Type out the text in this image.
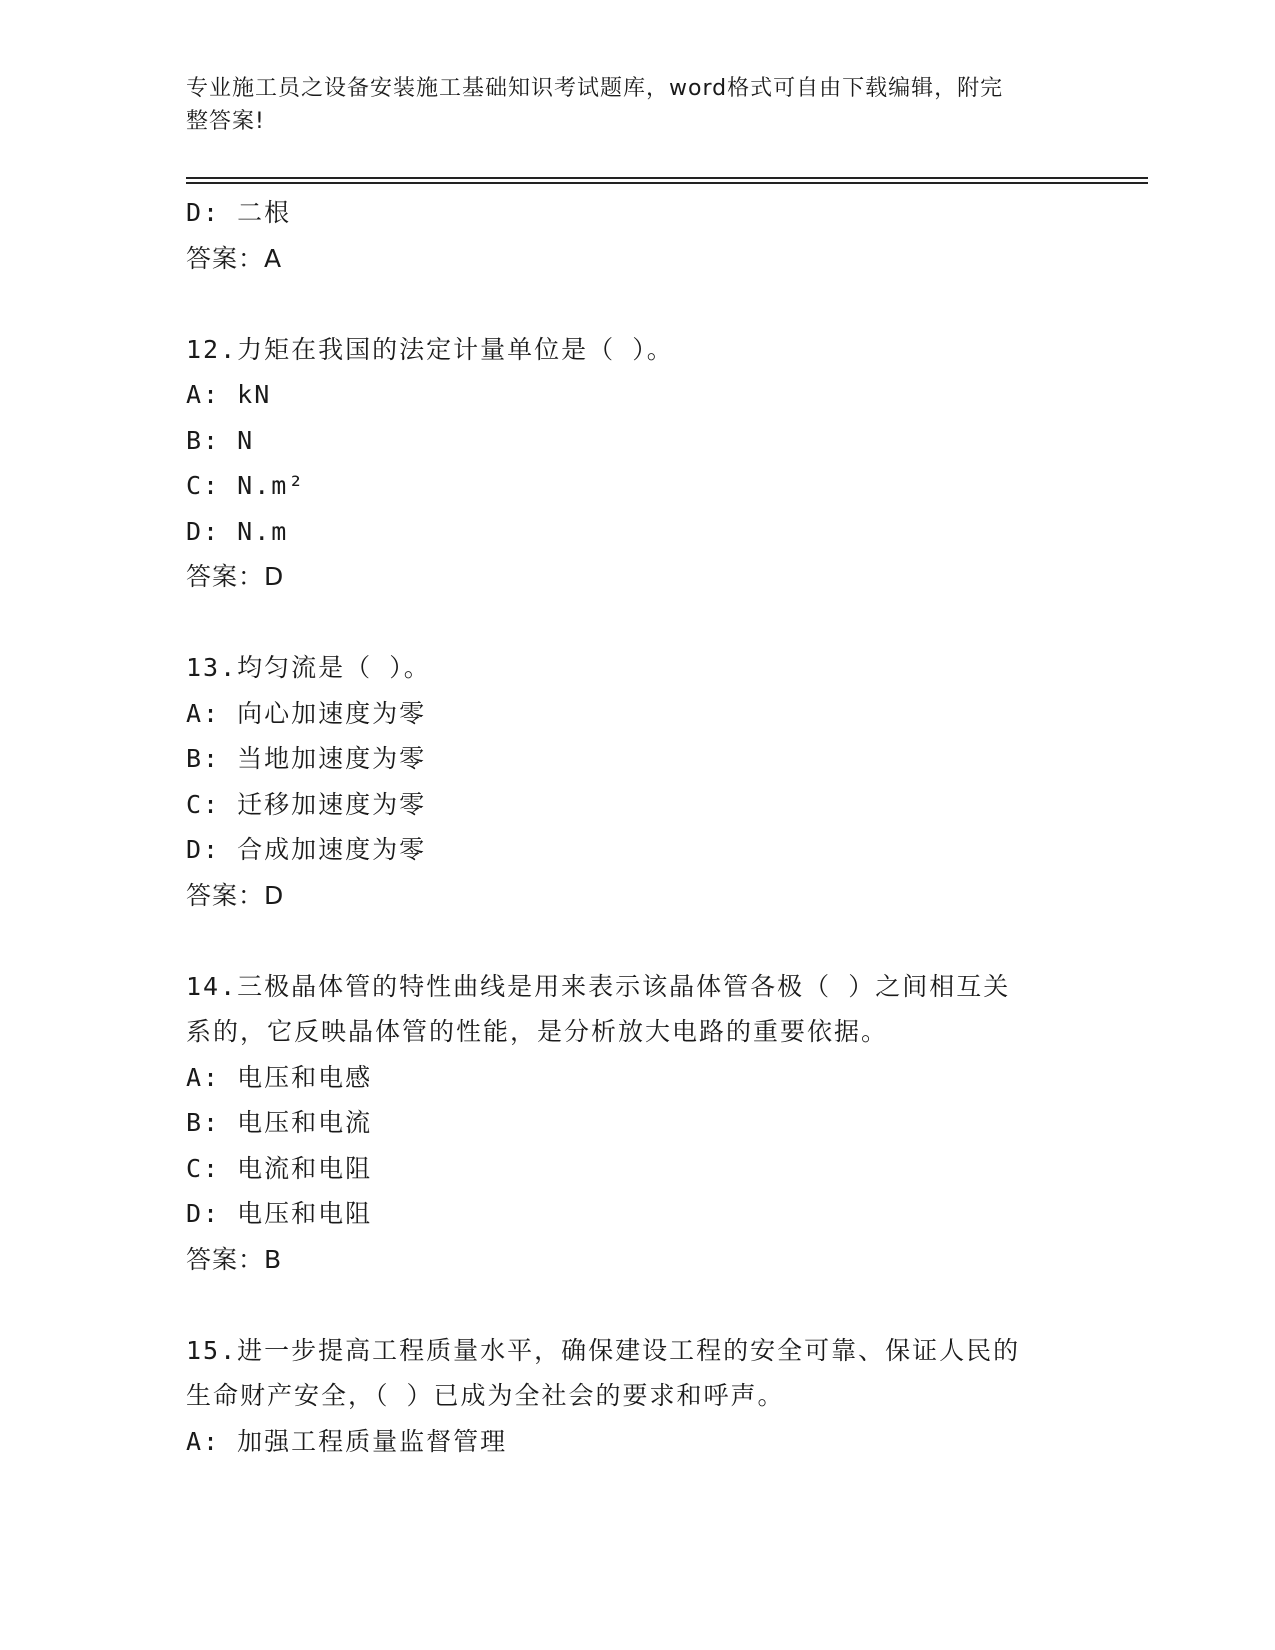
专业施工员之设备安装施工基础知识考试题库，word格式可自由下载编辑，附完
整答案!
D: 二根
答案：A
12.力矩在我国的法定计量单位是（ ）。
A: kN
B: N
C: N.m²
D: N.m
答案：D
13.均匀流是（ ）。
A: 向心加速度为零
B: 当地加速度为零
C: 迁移加速度为零
D: 合成加速度为零
答案：D
14.三极晶体管的特性曲线是用来表示该晶体管各极（ ）之间相互关
系的，它反映晶体管的性能，是分析放大电路的重要依据。
A: 电压和电感
B: 电压和电流
C: 电流和电阻
D: 电压和电阻
答案：B
15.进一步提高工程质量水平，确保建设工程的安全可靠、保证人民的
生命财产安全，（ ）已成为全社会的要求和呼声。
A: 加强工程质量监督管理
